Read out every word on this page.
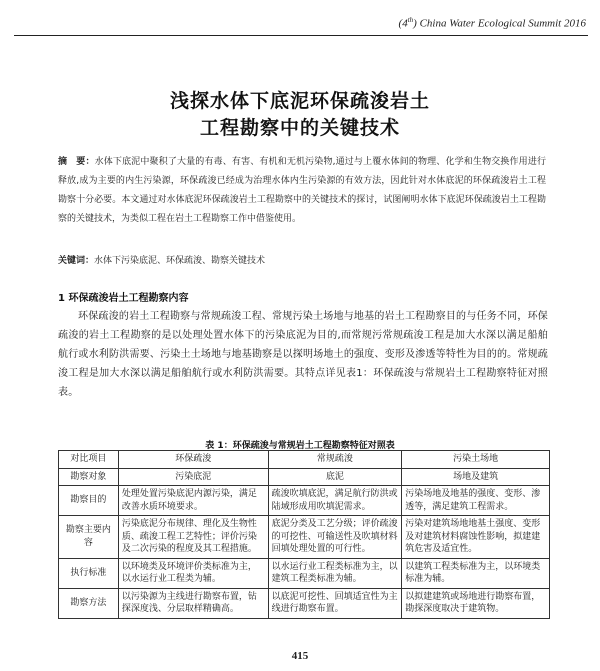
(4th) China Water Ecological Summit 2016
浅探水体下底泥环保疏浚岩土
工程勘察中的关键技术
摘　要：水体下底泥中聚积了大量的有毒、有害、有机和无机污染物,通过与上覆水体间的物理、化学和生物交换作用进行释放,成为主要的内生污染源，环保疏浚已经成为治理水体内生污染源的有效方法，因此针对水体底泥的环保疏浚岩土工程勘察十分必要。本文通过对水体底泥环保疏浚岩土工程勘察中的关键技术的探讨，试图阐明水体下底泥环保疏浚岩土工程勘察的关键技术，为类似工程在岩土工程勘察工作中借鉴使用。
关键词：水体下污染底泥、环保疏浚、勘察关键技术
1 环保疏浚岩土工程勘察内容
环保疏浚的岩土工程勘察与常规疏浚工程、常规污染土场地与地基的岩土工程勘察目的与任务不同，环保疏浚的岩土工程勘察的是以处理处置水体下的污染底泥为目的,而常规污常规疏浚工程是加大水深以满足船舶航行或水利防洪需要、污染土土场地与地基勘察是以探明场地土的强度、变形及渗透等特性为目的的。常规疏浚工程是加大水深以满足船舶航行或水利防洪需要。其特点详见表1：环保疏浚与常规岩土工程勘察特征对照表。
表 1：环保疏浚与常规岩土工程勘察特征对照表
对比项目	环保疏浚	常规疏浚	污染土场地
勘察对象	污染底泥	底泥	场地及建筑
勘察目的	处理处置污染底泥内源污染，满足改善水质环境要求。	疏浚吹填底泥，满足航行防洪或陆域形成用吹填泥需求。	污染场地及地基的强度、变形、渗透等，满足建筑工程需求。
勘察主要内容	污染底泥分布规律、理化及生物性质、疏浚工程工艺特性；评价污染及二次污染的程度及其工程措施。	底泥分类及工艺分级；评价疏浚的可挖性、可输送性及吹填材料回填处理处置的可行性。	污染对建筑场地地基土强度、变形及对建筑材料腐蚀性影响，拟建建筑危害及适宜性。
执行标准	以环境类及环境评价类标准为主，以水运行业工程类为辅。	以水运行业工程类标准为主，以建筑工程类标准为辅。	以建筑工程类标准为主，以环境类标准为辅。
勘察方法	以污染源为主线进行勘察布置，钻探深度浅、分层取样精确高。	以底泥可挖性、回填适宜性为主线进行勘察布置。	以拟建建筑或场地进行勘察布置，勘探深度取决于建筑物。
415
